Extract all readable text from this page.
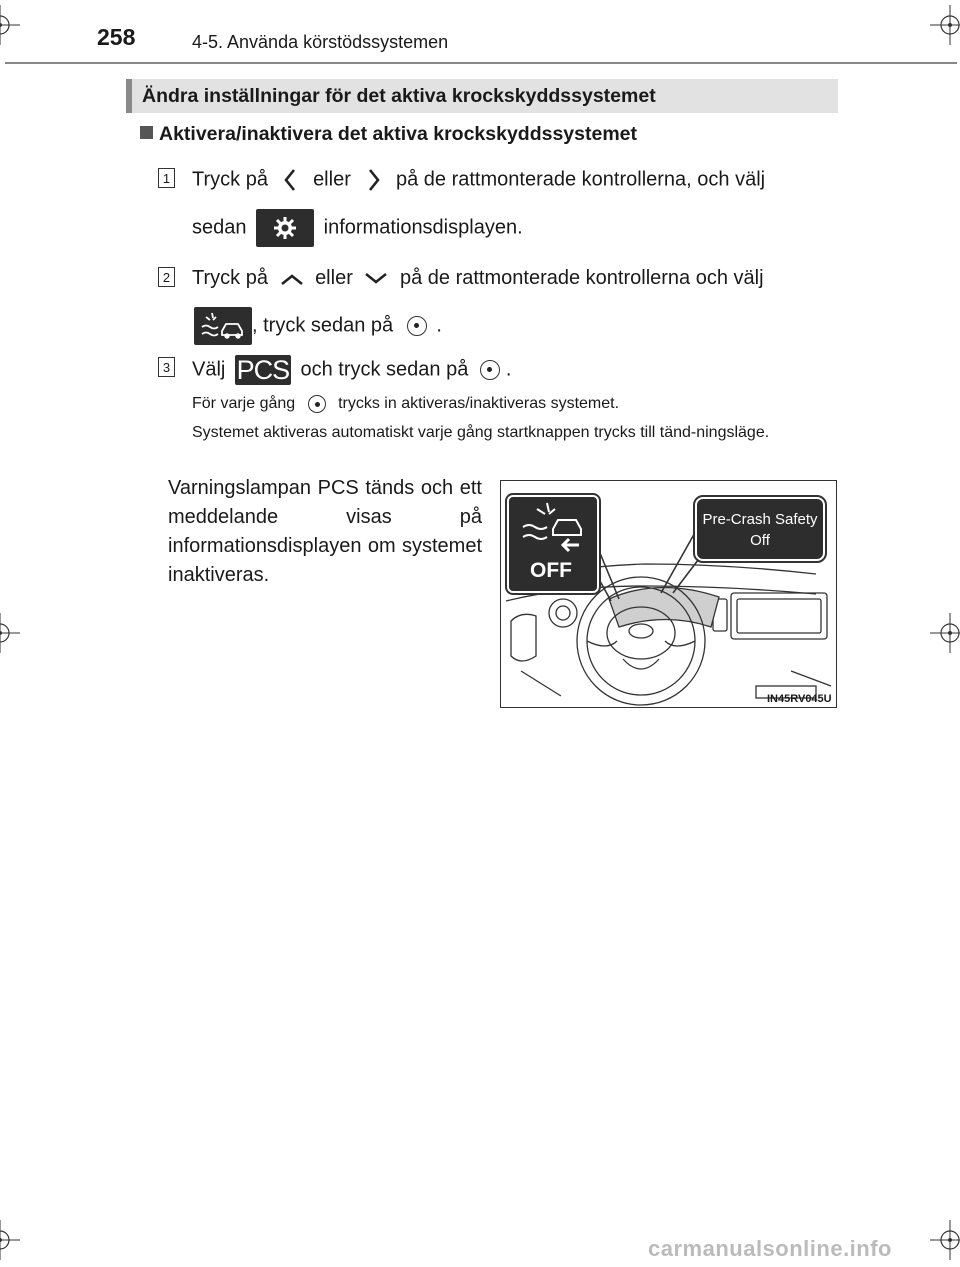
258	4-5. Använda körstödssystemen
Ändra inställningar för det aktiva krockskyddssystemet
Aktivera/inaktivera det aktiva krockskyddssystemet
1 Tryck på eller på de rattmonterade kontrollerna, och välj
sedan	informationsdisplayen.
2 Tryck på eller på de rattmonterade kontrollerna och välj
, tryck sedan på .
3 Välj PCS och tryck sedan på .
För varje gång	trycks in aktiveras/inaktiveras systemet.
Systemet aktiveras automatiskt varje gång startknappen trycks till tänd-ningsläge.
Varningslampan PCS tänds och ett meddelande visas på informationsdisplayen om systemet inaktiveras.	OFF
Pre-Crash Safety
Off
IN45RV045U
carmanualsonline.info
